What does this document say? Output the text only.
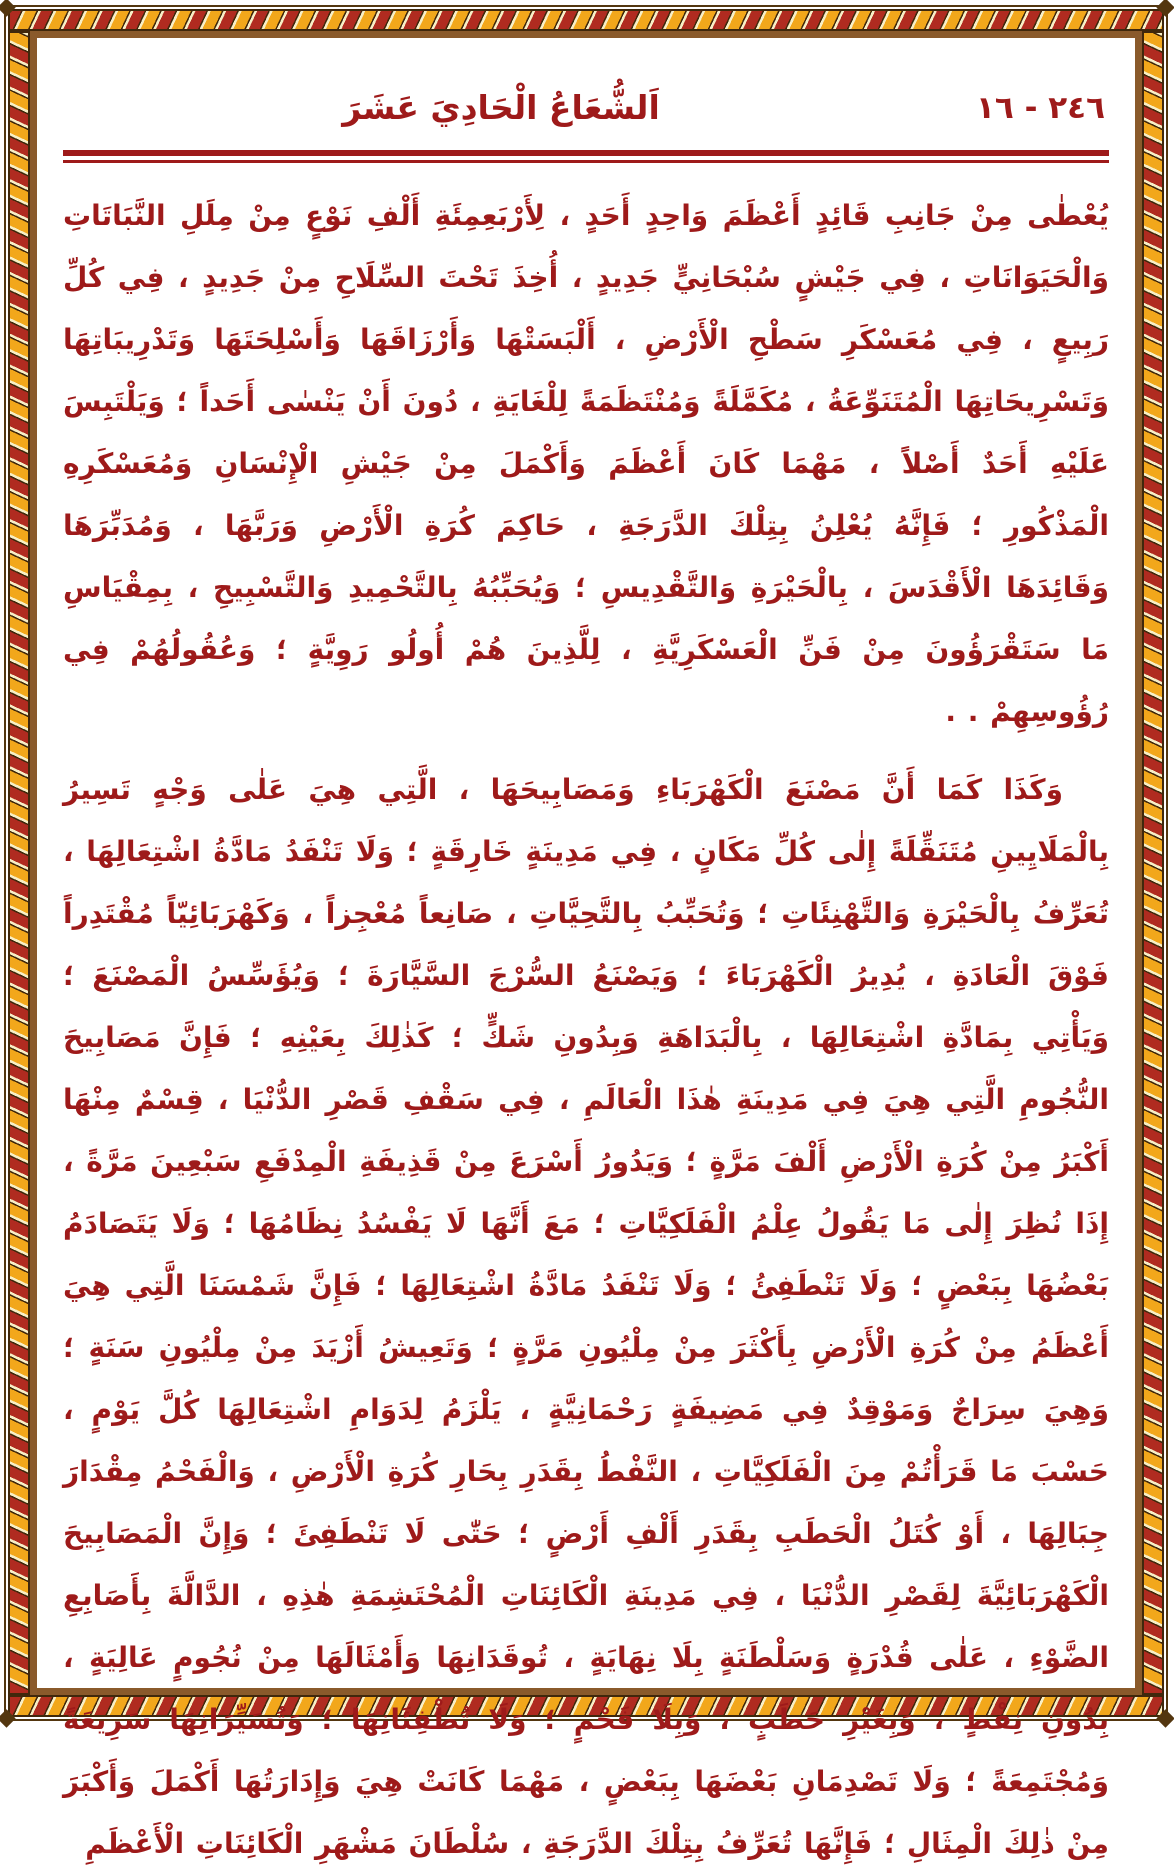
٢٤٦ - ١٦
اَلشُّعَاعُ الْحَادِيَ عَشَرَ

يُعْطٰى مِنْ جَانِبِ قَائِدٍ أَعْظَمَ وَاحِدٍ أَحَدٍ ، لِأَرْبَعِمِئَةِ أَلْفِ نَوْعٍ مِنْ مِلَلِ النَّبَاتَاتِ وَالْحَيَوَانَاتِ ، فِي جَيْشٍ سُبْحَانِيٍّ جَدِيدٍ ، أُخِذَ تَحْتَ السِّلَاحِ مِنْ جَدِيدٍ ، فِي كُلِّ رَبِيعٍ ، فِي مُعَسْكَرِ سَطْحِ الْأَرْضِ ، أَلْبَسَتْهَا وَأَرْزَاقَهَا وَأَسْلِحَتَهَا وَتَدْرِيبَاتِهَا وَتَسْرِيحَاتِهَا الْمُتَنَوِّعَةُ ، مُكَمَّلَةً وَمُنْتَظَمَةً لِلْغَايَةِ ، دُونَ أَنْ يَنْسٰى أَحَداً ؛ وَيَلْتَبِسَ عَلَيْهِ أَحَدٌ أَصْلاً ، مَهْمَا كَانَ أَعْظَمَ وَأَكْمَلَ مِنْ جَيْشِ الْإِنْسَانِ وَمُعَسْكَرِهِ الْمَذْكُورِ ؛ فَإِنَّهُ يُعْلِنُ بِتِلْكَ الدَّرَجَةِ ، حَاكِمَ كُرَةِ الْأَرْضِ وَرَبَّهَا ، وَمُدَبِّرَهَا وَقَائِدَهَا الْأَقْدَسَ ، بِالْحَيْرَةِ وَالتَّقْدِيسِ ؛ وَيُحَبِّبُهُ بِالتَّحْمِيدِ وَالتَّسْبِيحِ ، بِمِقْيَاسِ مَا سَتَقْرَؤُونَ مِنْ فَنِّ الْعَسْكَرِيَّةِ ، لِلَّذِينَ هُمْ أُولُو رَوِيَّةٍ ؛ وَعُقُولُهُمْ فِي رُؤُوسِهِمْ . .

وَكَذَا كَمَا أَنَّ مَصْنَعَ الْكَهْرَبَاءِ وَمَصَابِيحَهَا ، الَّتِي هِيَ عَلٰى وَجْهٍ تَسِيرُ بِالْمَلَايِينِ مُتَنَقِّلَةً إِلٰى كُلِّ مَكَانٍ ، فِي مَدِينَةٍ خَارِقَةٍ ؛ وَلَا تَنْفَدُ مَادَّةُ اشْتِعَالِهَا ، تُعَرِّفُ بِالْحَيْرَةِ وَالتَّهْنِئَاتِ ؛ وَتُحَبِّبُ بِالتَّحِيَّاتِ ، صَانِعاً مُعْجِزاً ، وَكَهْرَبَائِيّاً مُقْتَدِراً فَوْقَ الْعَادَةِ ، يُدِيرُ الْكَهْرَبَاءَ ؛ وَيَصْنَعُ السُّرْجَ السَّيَّارَةَ ؛ وَيُؤَسِّسُ الْمَصْنَعَ ؛ وَيَأْتِي بِمَادَّةِ اشْتِعَالِهَا ، بِالْبَدَاهَةِ وَبِدُونِ شَكٍّ ؛ كَذٰلِكَ بِعَيْنِهِ ؛ فَإِنَّ مَصَابِيحَ النُّجُومِ الَّتِي هِيَ فِي مَدِينَةِ هٰذَا الْعَالَمِ ، فِي سَقْفِ قَصْرِ الدُّنْيَا ، قِسْمٌ مِنْهَا أَكْبَرُ مِنْ كُرَةِ الْأَرْضِ أَلْفَ مَرَّةٍ ؛ وَيَدُورُ أَسْرَعَ مِنْ قَذِيفَةِ الْمِدْفَعِ سَبْعِينَ مَرَّةً ، إِذَا نُظِرَ إِلٰى مَا يَقُولُ عِلْمُ الْفَلَكِيَّاتِ ؛ مَعَ أَنَّهَا لَا يَفْسُدُ نِظَامُهَا ؛ وَلَا يَتَصَادَمُ بَعْضُهَا بِبَعْضٍ ؛ وَلَا تَنْطَفِئُ ؛ وَلَا تَنْفَدُ مَادَّةُ اشْتِعَالِهَا ؛ فَإِنَّ شَمْسَنَا الَّتِي هِيَ أَعْظَمُ مِنْ كُرَةِ الْأَرْضِ بِأَكْثَرَ مِنْ مِلْيُونِ مَرَّةٍ ؛ وَتَعِيشُ أَزْيَدَ مِنْ مِلْيُونِ سَنَةٍ ؛ وَهِيَ سِرَاجٌ وَمَوْقِدٌ فِي مَضِيفَةٍ رَحْمَانِيَّةٍ ، يَلْزَمُ لِدَوَامِ اشْتِعَالِهَا كُلَّ يَوْمٍ ، حَسْبَ مَا قَرَأْتُمْ مِنَ الْفَلَكِيَّاتِ ، النَّفْطُ بِقَدَرِ بِحَارِ كُرَةِ الْأَرْضِ ، وَالْفَحْمُ مِقْدَارَ جِبَالِهَا ، أَوْ كُتَلُ الْحَطَبِ بِقَدَرِ أَلْفِ أَرْضٍ ؛ حَتّٰى لَا تَنْطَفِئَ ؛ وَإِنَّ الْمَصَابِيحَ الْكَهْرَبَائِيَّةَ لِقَصْرِ الدُّنْيَا ، فِي مَدِينَةِ الْكَائِنَاتِ الْمُحْتَشِمَةِ هٰذِهِ ، الدَّالَّةَ بِأَصَابِعِ الضَّوْءِ ، عَلٰى قُدْرَةٍ وَسَلْطَنَةٍ بِلَا نِهَايَةٍ ، تُوقَدَانِهَا وَأَمْثَالَهَا مِنْ نُجُومٍ عَالِيَةٍ ، بِدُونِ نِفْطٍ ، وَبِغَيْرِ حَطَبٍ ، وَبِلَا فَحْمٍ ؛ وَلَا تُطْفِئَانِهَا ؛ وَتُسَيِّرَانِهَا سَرِيعَةً وَمُجْتَمِعَةً ؛ وَلَا تَصْدِمَانِ بَعْضَهَا بِبَعْضٍ ، مَهْمَا كَانَتْ هِيَ وَإِدَارَتُهَا أَكْمَلَ وَأَكْبَرَ مِنْ ذٰلِكَ الْمِثَالِ ؛ فَإِنَّهَا تُعَرِّفُ بِتِلْكَ الدَّرَجَةِ ، سُلْطَانَ مَشْهَرِ الْكَائِنَاتِ الْأَعْظَمِ
